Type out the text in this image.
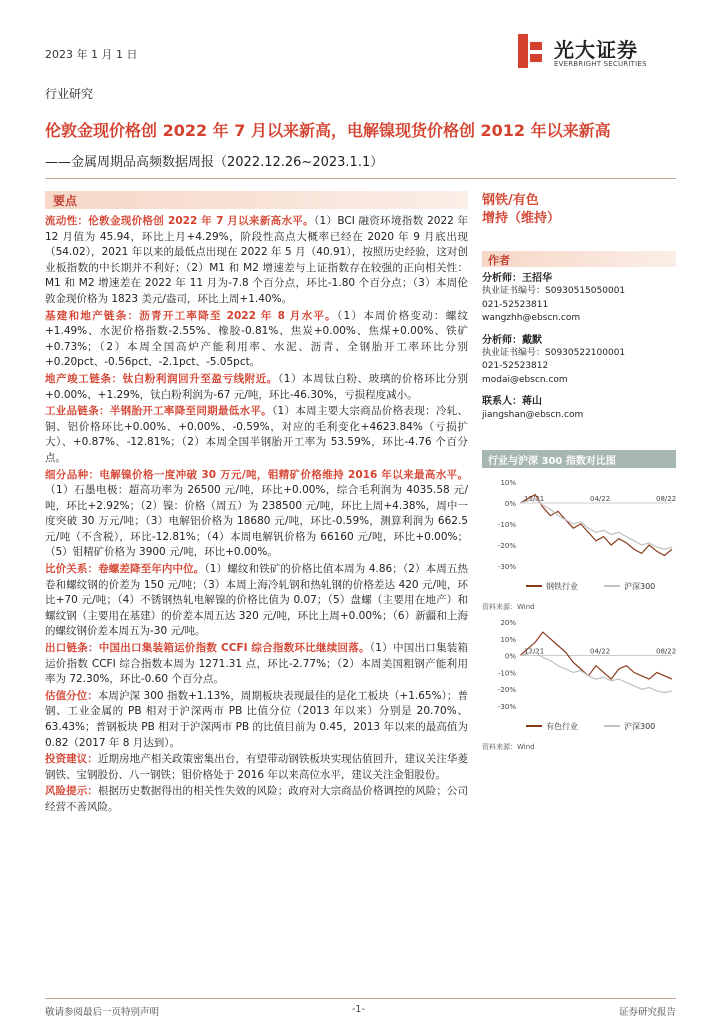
2023 年 1 月 1 日	光大证券
EVERBRIGHT SECURITIES
行业研究
伦敦金现价格创 2022 年 7 月以来新高，电解镍现货价格创 2012 年以来新高
——金属周期品高频数据周报（2022.12.26~2023.1.1）
要点

流动性：伦敦金现价格创 2022 年 7 月以来新高水平。（1）BCI 融资环境指数 2022 年 12 月值为 45.94，环比上月+4.29%，阶段性高点大概率已经在 2020 年 9 月底出现（54.02），2021 年以来的最低点出现在 2022 年 5 月（40.91），按照历史经验，这对创业板指数的中长期并不利好；（2）M1 和 M2 增速差与上证指数存在较强的正向相关性：M1 和 M2 增速差在 2022 年 11 月为-7.8 个百分点，环比-1.80 个百分点；（3）本周伦敦金现价格为 1823 美元/盎司，环比上周+1.40%。

基建和地产链条：沥青开工率降至 2022 年 8 月水平。（1）本周价格变动：螺纹 +1.49%、水泥价格指数-2.55%、橡胶-0.81%、焦炭+0.00%、焦煤+0.00%、铁矿+0.73%；（2）本周全国高炉产能利用率、水泥、沥青、全钢胎开工率环比分别+0.20pct、-0.56pct、-2.1pct、-5.05pct。

地产竣工链条：钛白粉利润回升至盈亏线附近。（1）本周钛白粉、玻璃的价格环比分别+0.00%、+1.29%，钛白粉利润为-67 元/吨，环比-46.30%，亏损程度减小。

工业品链条：半钢胎开工率降至同期最低水平。（1）本周主要大宗商品价格表现：冷轧、铜、铝价格环比+0.00%、+0.00%、-0.59%，对应的毛利变化+4623.84%（亏损扩大）、+0.87%、-12.81%；（2）本周全国半钢胎开工率为 53.59%，环比-4.76 个百分点。

细分品种：电解镍价格一度冲破 30 万元/吨，钼精矿价格维持 2016 年以来最高水平。（1）石墨电极：超高功率为 26500 元/吨，环比+0.00%，综合毛利润为 4035.58 元/吨，环比+2.92%；（2）镍：价格（周五）为 238500 元/吨，环比上周+4.38%，周中一度突破 30 万元/吨；（3）电解铝价格为 18680 元/吨，环比-0.59%，测算利润为 662.5 元/吨（不含税），环比-12.81%；（4）本周电解钒价格为 66160 元/吨，环比+0.00%；（5）钼精矿价格为 3900 元/吨，环比+0.00%。

比价关系：卷螺差降至年内中位。（1）螺纹和铁矿的价格比值本周为 4.86；（2）本周五热卷和螺纹钢的价差为 150 元/吨；（3）本周上海冷轧钢和热轧钢的价格差达 420 元/吨，环比+70 元/吨；（4）不锈钢热轧电解镍的价格比值为 0.07；（5）盘螺（主要用在地产）和螺纹钢（主要用在基建）的价差本周五达 320 元/吨，环比上周+0.00%；（6）新疆和上海的螺纹钢价差本周五为-30 元/吨。

出口链条：中国出口集装箱运价指数 CCFI 综合指数环比继续回落。（1）中国出口集装箱运价指数 CCFI 综合指数本周为 1271.31 点，环比-2.77%；（2）本周美国粗钢产能利用率为 72.30%，环比-0.60 个百分点。

估值分位：本周沪深 300 指数+1.13%，周期板块表现最佳的是化工板块（+1.65%）；普钢、工业金属的 PB 相对于沪深两市 PB 比值分位（2013 年以来）分别是 20.70%、63.43%；普钢板块 PB 相对于沪深两市 PB 的比值目前为 0.45，2013 年以来的最高值为 0.82（2017 年 8 月达到）。

投资建议：近期房地产相关政策密集出台，有望带动钢铁板块实现估值回升，建议关注华菱钢铁、宝钢股份、八一钢铁；钼价格处于 2016 年以来高位水平，建议关注金钼股份。

风险提示：根据历史数据得出的相关性失效的风险；政府对大宗商品价格调控的风险；公司经营不善风险。

钢铁/有色
增持（维持）
作者
分析师：王招华
执业证书编号：S0930515050001
021-52523811
wangzhh@ebscn.com
分析师：戴默
执业证书编号：S0930522100001
021-52523812
modai@ebscn.com
联系人：蒋山
jiangshan@ebscn.com
行业与沪深 300 指数对比图
10%
0%
-10%
-20%
-30%
12/21	04/22	08/22
钢铁行业	沪深300
资料来源：Wind
20%
10%
0%
-10%
-20%
-30%
12/21	04/22	08/22
有色行业	沪深300
资料来源：Wind
敬请参阅最后一页特别声明	-1-	证券研究报告
